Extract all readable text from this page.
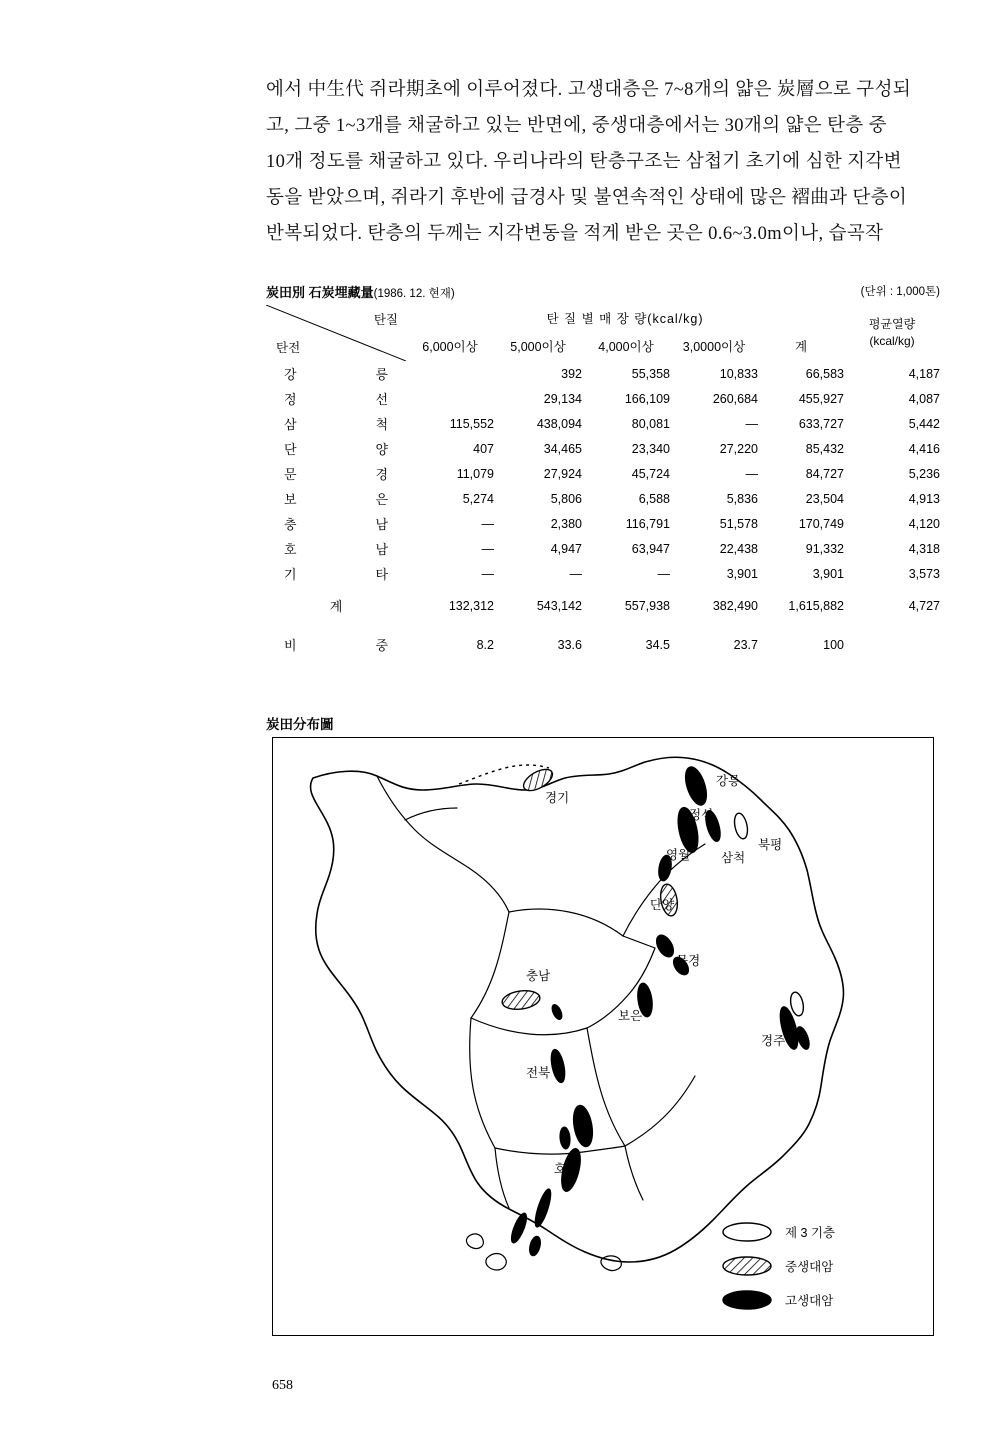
에서 中生代 쥐라期초에 이루어졌다. 고생대층은 7~8개의 얇은 炭層으로 구성되
고, 그중 1~3개를 채굴하고 있는 반면에, 중생대층에서는 30개의 얇은 탄층 중
10개 정도를 채굴하고 있다. 우리나라의 탄층구조는 삼첩기 초기에 심한 지각변
동을 받았으며, 쥐라기 후반에 급경사 및 불연속적인 상태에 많은 褶曲과 단층이
반복되었다. 탄층의 두께는 지각변동을 적게 받은 곳은 0.6~3.0m이나, 습곡작
炭田別 石炭埋藏量(1986. 12. 현재)	(단위 : 1,000톤)
탄질
탄전
	탄 질 별 매 장 량(kcal/kg)	평균열량
(kcal/kg)

	6,000이상	5,000이상	4,000이상	3,0000이상	계	

강 릉		392	55,358	10,833	66,583	4,187

정 선		29,134	166,109	260,684	455,927	4,087

삼 척	115,552	438,094	80,081	—	633,727	5,442

단 양	407	34,465	23,340	27,220	85,432	4,416

문 경	11,079	27,924	45,724	—	84,727	5,236

보 은	5,274	5,806	6,588	5,836	23,504	4,913

충 남	—	2,380	116,791	51,578	170,749	4,120

호 남	—	4,947	63,947	22,438	91,332	4,318

기 타	—	—	—	3,901	3,901	3,573
계	132,312	543,142	557,938	382,490	1,615,882	4,727

비 중	8.2	33.6	34.5	23.7	100	
炭田分布圖
경기
강릉
정선
북평
삼척
영월
단양
문경
충남
보은
경주
전북
호남
제 3 기층
중생대암
고생대암
658
